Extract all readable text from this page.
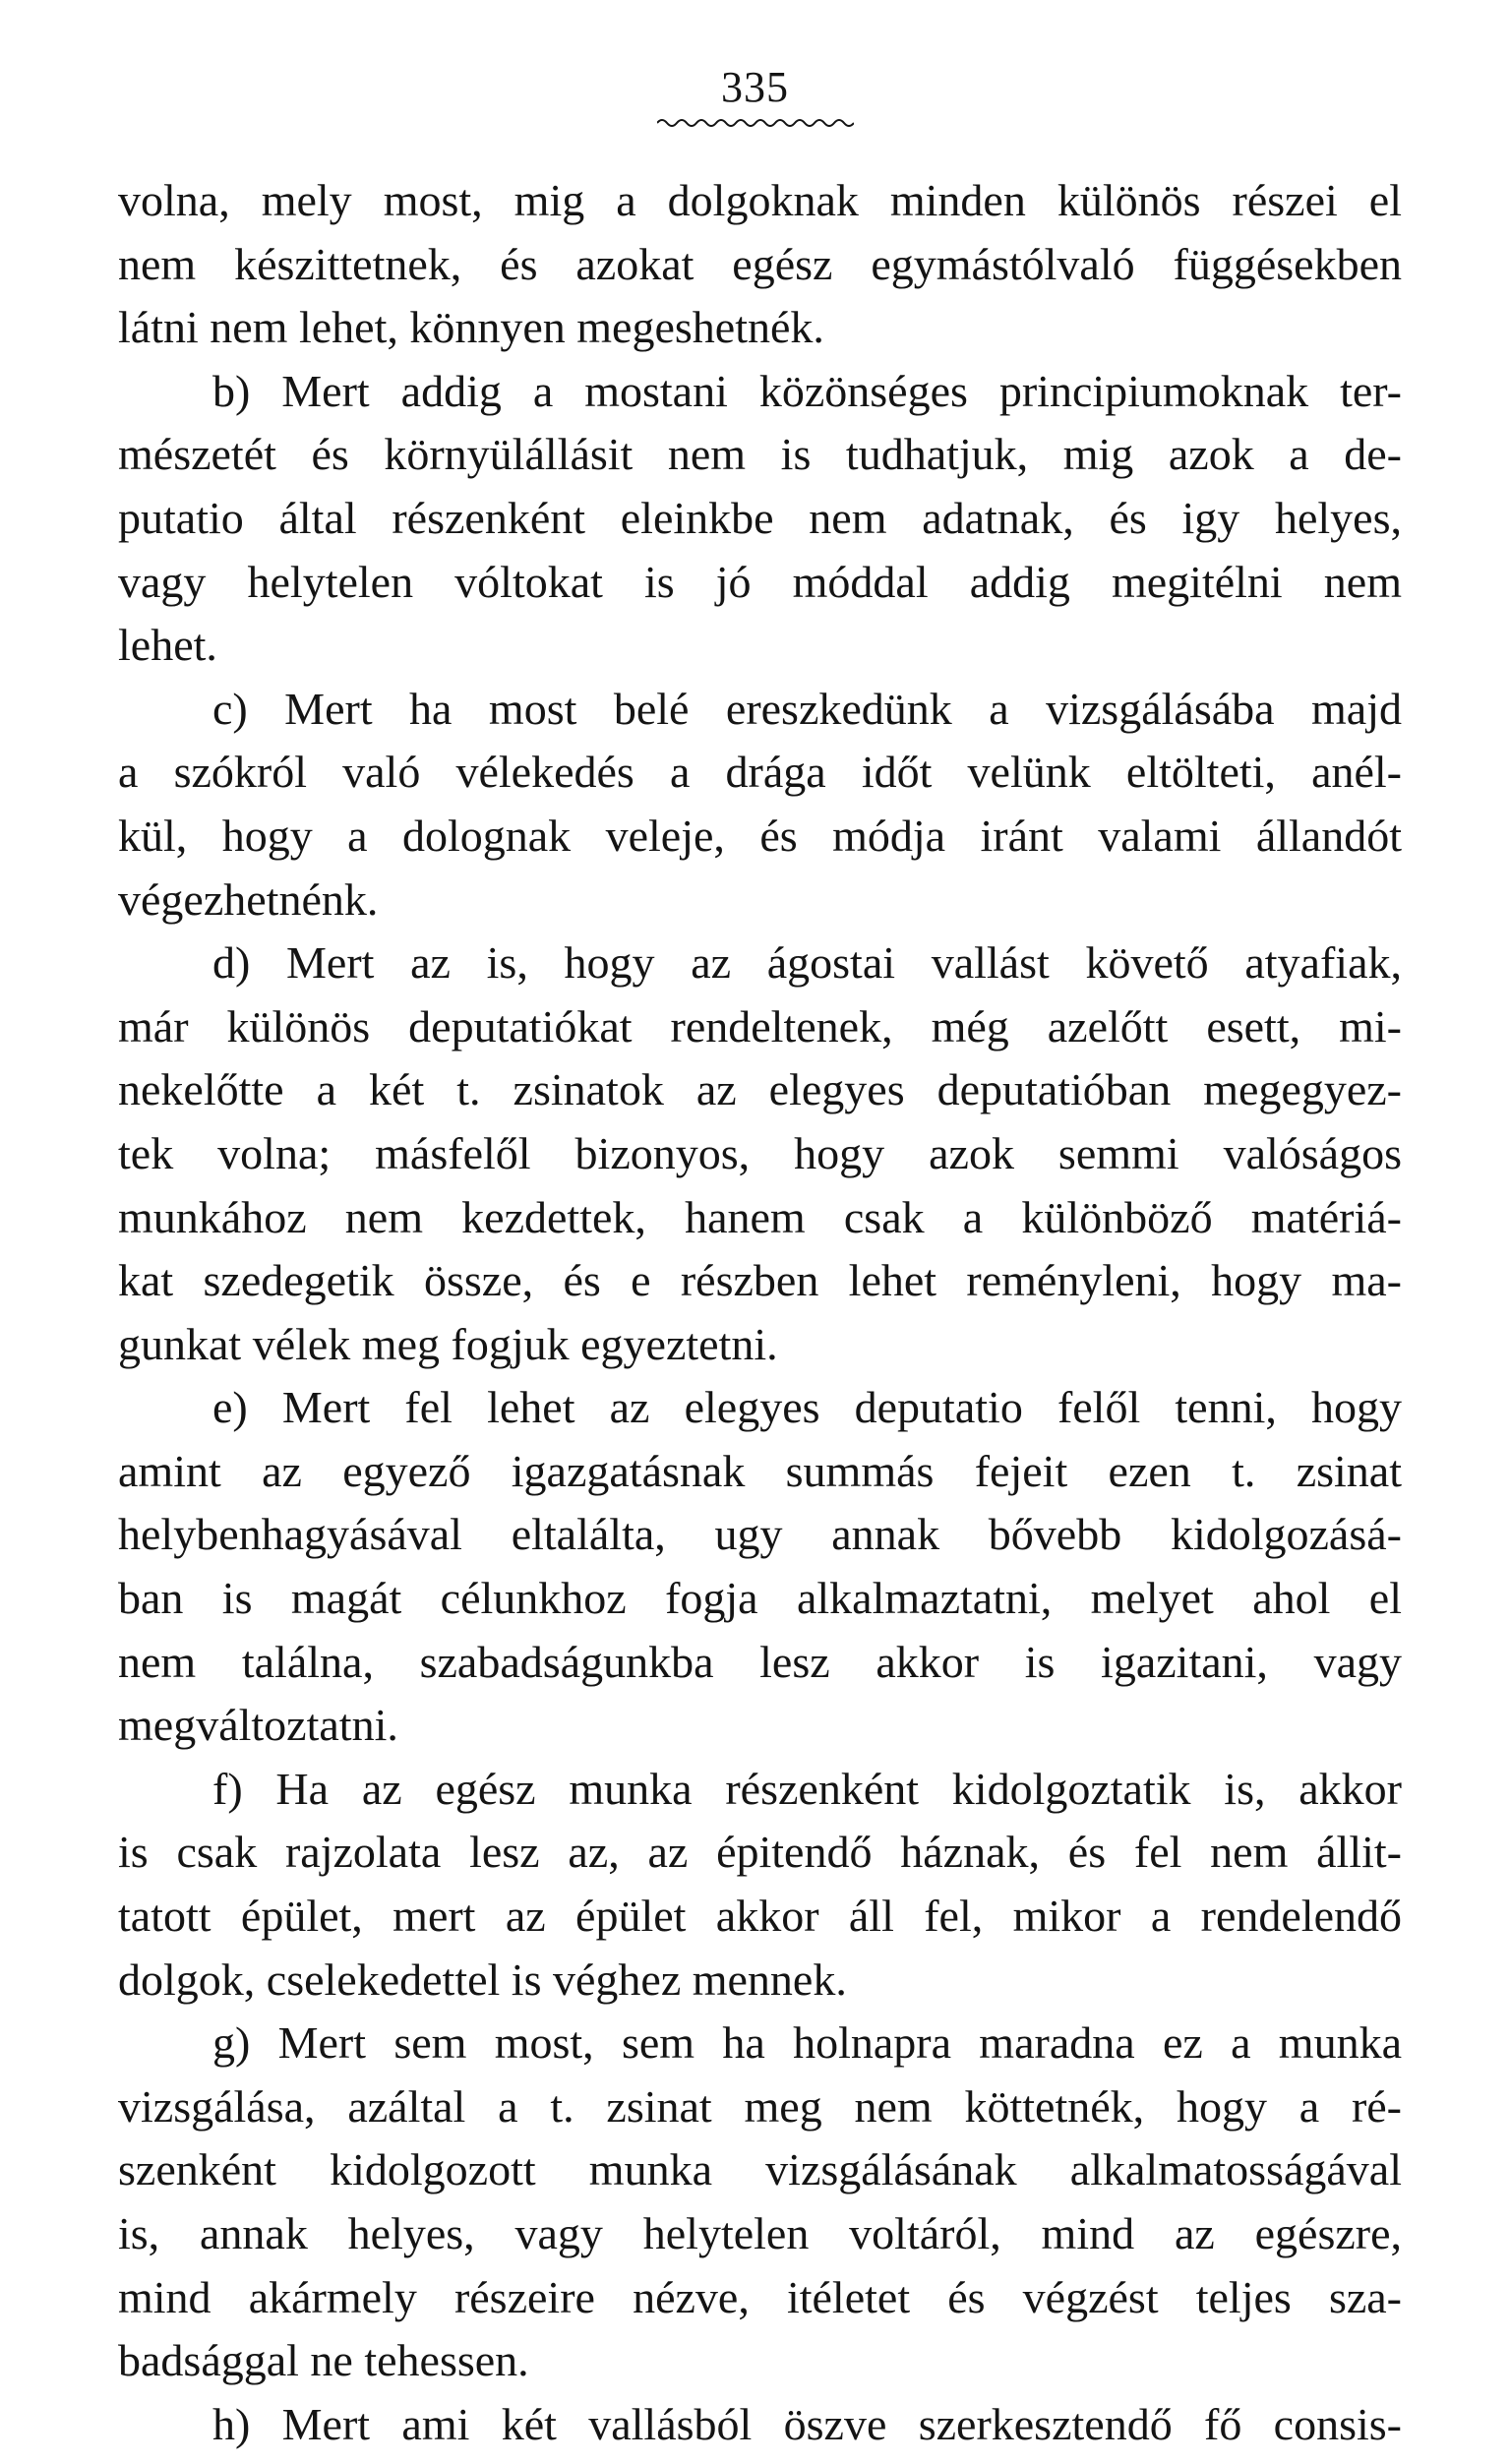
335
volna, mely most, mig a dolgoknak minden különös részei el
nem készittetnek, és azokat egész egymástólvaló függésekben
látni nem lehet, könnyen megeshetnék.
b) Mert addig a mostani közönséges principiumoknak ter-
mészetét és környülállásit nem is tudhatjuk, mig azok a de-
putatio által részenként eleinkbe nem adatnak, és igy helyes,
vagy helytelen vóltokat is jó móddal addig megitélni nem
lehet.
c) Mert ha most belé ereszkedünk a vizsgálásába majd
a szókról való vélekedés a drága időt velünk eltölteti, anél-
kül, hogy a dolognak veleje, és módja iránt valami állandót
végezhetnénk.
d) Mert az is, hogy az ágostai vallást követő atyafiak,
már különös deputatiókat rendeltenek, még azelőtt esett, mi-
nekelőtte a két t. zsinatok az elegyes deputatióban megegyez-
tek volna; másfelől bizonyos, hogy azok semmi valóságos
munkához nem kezdettek, hanem csak a különböző matériá-
kat szedegetik össze, és e részben lehet reményleni, hogy ma-
gunkat vélek meg fogjuk egyeztetni.
e) Mert fel lehet az elegyes deputatio felől tenni, hogy
amint az egyező igazgatásnak summás fejeit ezen t. zsinat
helybenhagyásával eltalálta, ugy annak bővebb kidolgozásá-
ban is magát célunkhoz fogja alkalmaztatni, melyet ahol el
nem találna, szabadságunkba lesz akkor is igazitani, vagy
megváltoztatni.
f) Ha az egész munka részenként kidolgoztatik is, akkor
is csak rajzolata lesz az, az épitendő háznak, és fel nem állit-
tatott épület, mert az épület akkor áll fel, mikor a rendelendő
dolgok, cselekedettel is véghez mennek.
g) Mert sem most, sem ha holnapra maradna ez a munka
vizsgálása, azáltal a t. zsinat meg nem köttetnék, hogy a ré-
szenként kidolgozott munka vizsgálásának alkalmatosságával
is, annak helyes, vagy helytelen voltáról, mind az egészre,
mind akármely részeire nézve, itéletet és végzést teljes sza-
badsággal ne tehessen.
h) Mert ami két vallásból öszve szerkesztendő fő consis-
